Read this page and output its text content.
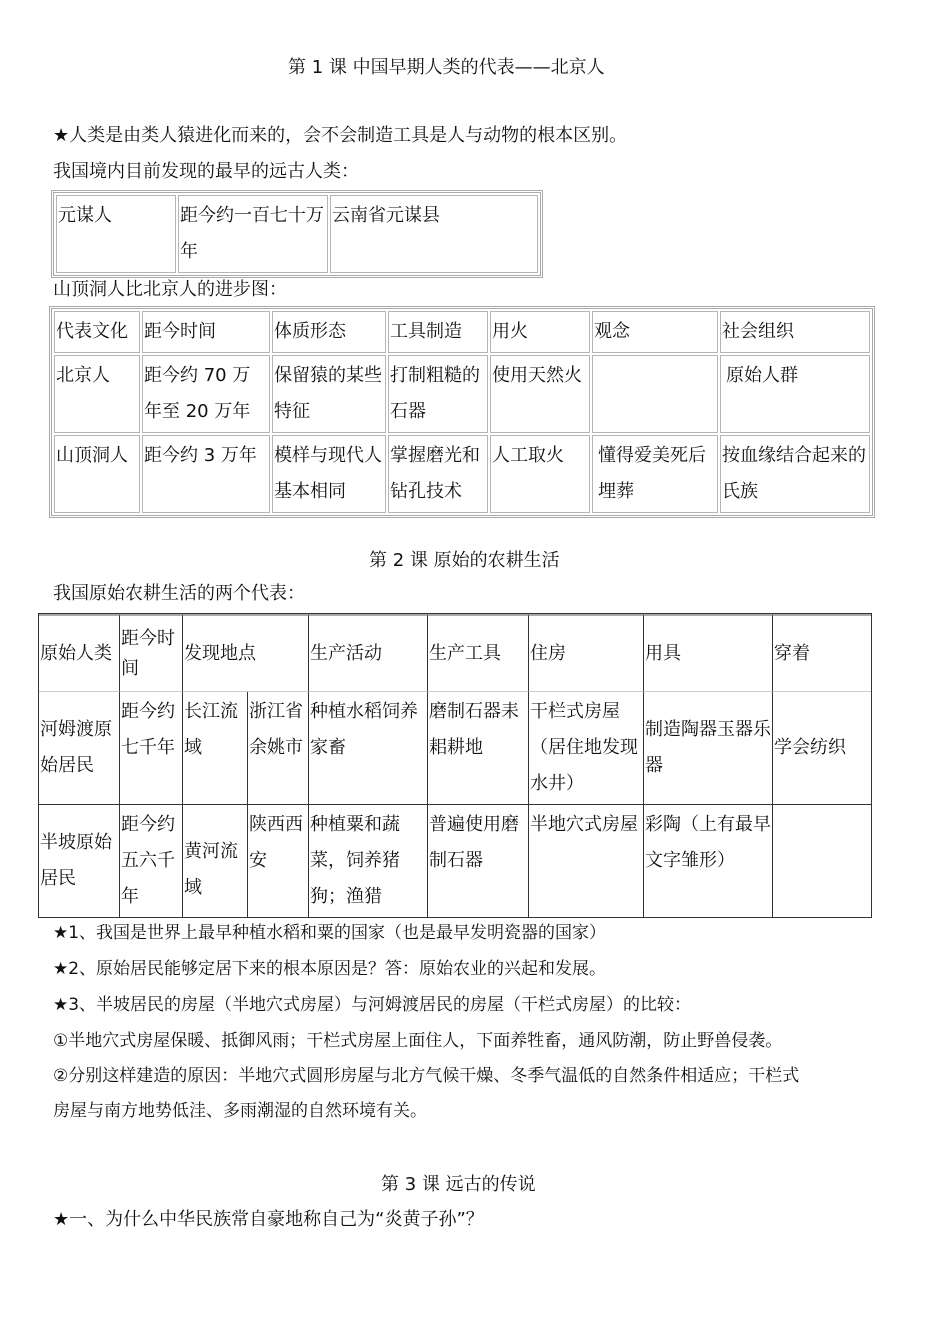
第 1 课 中国早期人类的代表——北京人
★人类是由类人猿进化而来的，会不会制造工具是人与动物的根本区别。
我国境内目前发现的最早的远古人类：
元谋人	距今约一百七十万年	云南省元谋县
山顶洞人比北京人的进步图：
代表文化	距今时间	体质形态	工具制造	用火	观念	社会组织
北京人	距今约 70 万年至 20 万年	保留猿的某些特征	打制粗糙的石器	使用天然火		原始人群
山顶洞人	距今约 3 万年	模样与现代人基本相同	掌握磨光和钻孔技术	人工取火	懂得爱美死后埋葬	按血缘结合起来的氏族
第 2 课 原始的农耕生活
我国原始农耕生活的两个代表：
原始人类	距今时间	发现地点		生产活动	生产工具	住房	用具	穿着
河姆渡原始居民	距今约七千年	长江流域	浙江省余姚市	种植水稻饲养家畜	磨制石器耒耜耕地	干栏式房屋（居住地发现水井）	制造陶器玉器乐器	学会纺织
半坡原始居民	距今约五六千年	黄河流域	陕西西安	种植粟和蔬菜，饲养猪狗；渔猎	普遍使用磨制石器	半地穴式房屋	彩陶（上有最早文字雏形）	
★1、我国是世界上最早种植水稻和粟的国家（也是最早发明瓷器的国家）
★2、原始居民能够定居下来的根本原因是？答：原始农业的兴起和发展。
★3、半坡居民的房屋（半地穴式房屋）与河姆渡居民的房屋（干栏式房屋）的比较：
①半地穴式房屋保暖、抵御风雨；干栏式房屋上面住人，下面养牲畜，通风防潮，防止野兽侵袭。
②分别这样建造的原因：半地穴式圆形房屋与北方气候干燥、冬季气温低的自然条件相适应；干栏式
房屋与南方地势低洼、多雨潮湿的自然环境有关。
第 3 课 远古的传说
★一、为什么中华民族常自豪地称自己为“炎黄子孙”？
